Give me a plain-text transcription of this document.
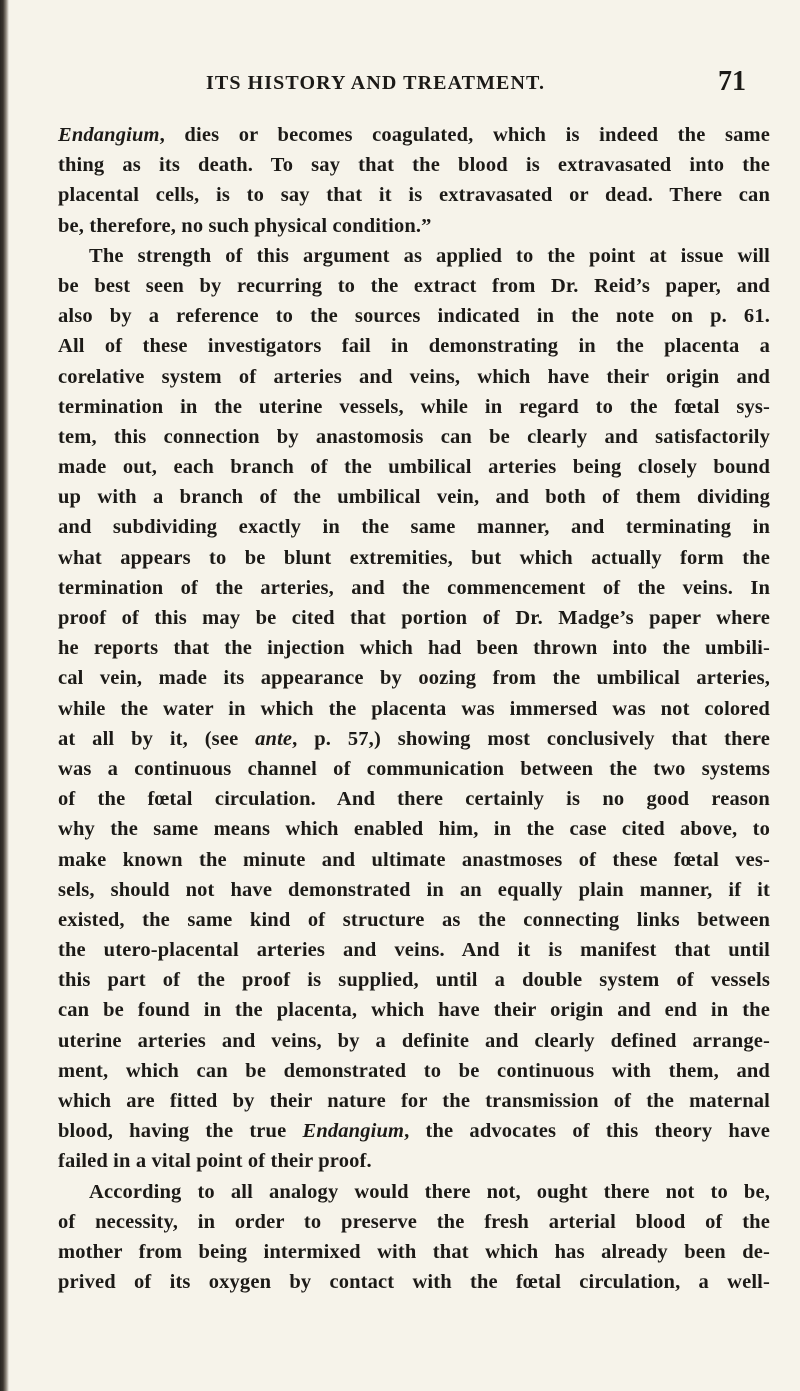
ITS HISTORY AND TREATMENT.	71
Endangium, dies or becomes coagulated, which is indeed the same
thing as its death. To say that the blood is extravasated into the
placental cells, is to say that it is extravasated or dead. There can
be, therefore, no such physical condition.”
The strength of this argument as applied to the point at issue will
be best seen by recurring to the extract from Dr. Reid’s paper, and
also by a reference to the sources indicated in the note on p. 61.
All of these investigators fail in demonstrating in the placenta a
corelative system of arteries and veins, which have their origin and
termination in the uterine vessels, while in regard to the fœtal sys-
tem, this connection by anastomosis can be clearly and satisfactorily
made out, each branch of the umbilical arteries being closely bound
up with a branch of the umbilical vein, and both of them dividing
and subdividing exactly in the same manner, and terminating in
what appears to be blunt extremities, but which actually form the
termination of the arteries, and the commencement of the veins. In
proof of this may be cited that portion of Dr. Madge’s paper where
he reports that the injection which had been thrown into the umbili-
cal vein, made its appearance by oozing from the umbilical arteries,
while the water in which the placenta was immersed was not colored
at all by it, (see ante, p. 57,) showing most conclusively that there
was a continuous channel of communication between the two systems
of the fœtal circulation. And there certainly is no good reason
why the same means which enabled him, in the case cited above, to
make known the minute and ultimate anastmoses of these fœtal ves-
sels, should not have demonstrated in an equally plain manner, if it
existed, the same kind of structure as the connecting links between
the utero-placental arteries and veins. And it is manifest that until
this part of the proof is supplied, until a double system of vessels
can be found in the placenta, which have their origin and end in the
uterine arteries and veins, by a definite and clearly defined arrange-
ment, which can be demonstrated to be continuous with them, and
which are fitted by their nature for the transmission of the maternal
blood, having the true Endangium, the advocates of this theory have
failed in a vital point of their proof.
According to all analogy would there not, ought there not to be,
of necessity, in order to preserve the fresh arterial blood of the
mother from being intermixed with that which has already been de-
prived of its oxygen by contact with the fœtal circulation, a well-
